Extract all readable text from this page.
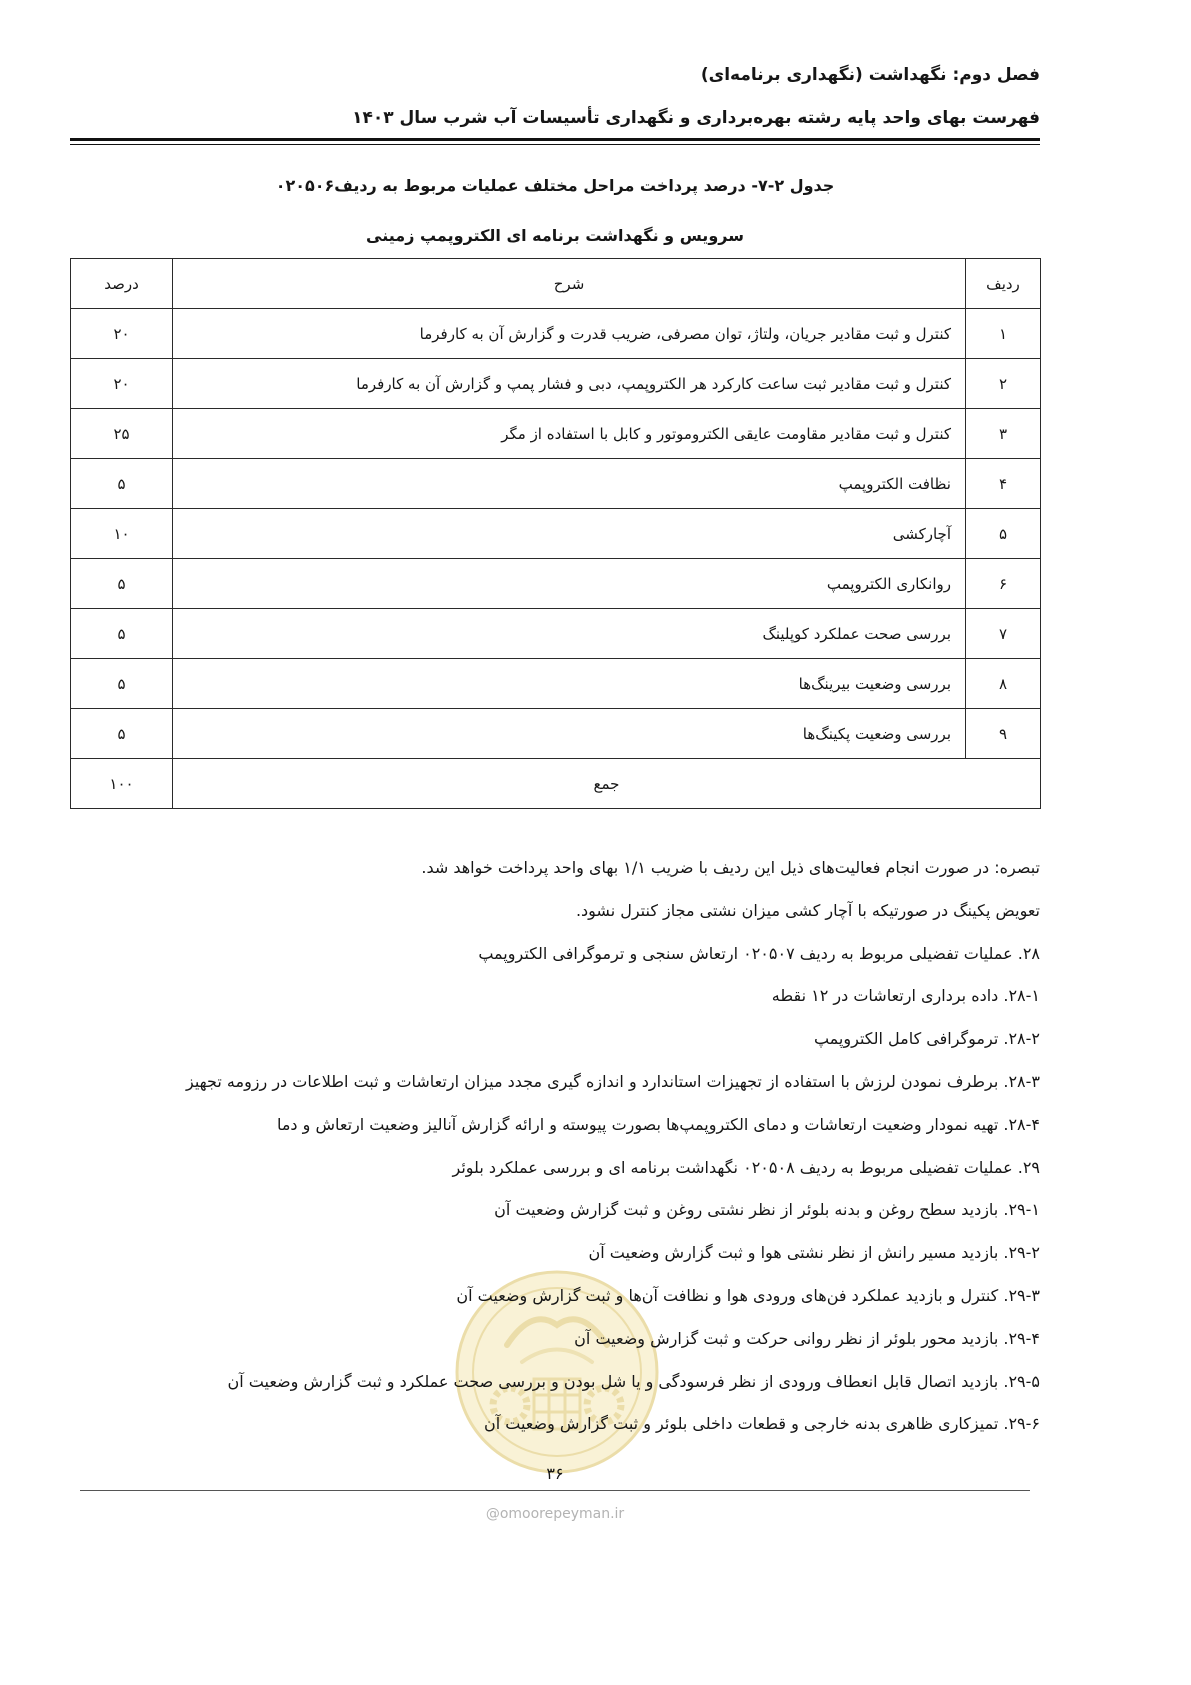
فصل دوم: نگهداشت (نگهداری برنامه‌ای)
فهرست بهای واحد پایه رشته بهره‌برداری و نگهداری تأسیسات آب شرب سال ۱۴۰۳
جدول ۲-۷- درصد پرداخت مراحل مختلف عملیات مربوط به ردیف۰۲۰۵۰۶
سرویس و نگهداشت برنامه ای الکتروپمپ زمینی
ردیف	شرح	درصد
۱	کنترل و ثبت مقادیر جریان، ولتاژ، توان مصرفی، ضریب قدرت و گزارش آن به کارفرما	۲۰
۲	کنترل و ثبت مقادیر ثبت ساعت کارکرد هر الکتروپمپ، دبی و فشار پمپ و گزارش آن به کارفرما	۲۰
۳	کنترل و ثبت مقادیر مقاومت عایقی الکتروموتور و کابل با استفاده از مگر	۲۵
۴	نظافت الکتروپمپ	۵
۵	آچارکشی	۱۰
۶	روانکاری الکتروپمپ	۵
۷	بررسی صحت عملکرد کوپلینگ	۵
۸	بررسی وضعیت بیرینگ‌ها	۵
۹	بررسی وضعیت پکینگ‌ها	۵
جمع		۱۰۰
تبصره: در صورت انجام فعالیت‌های ذیل این ردیف با ضریب ۱/۱ بهای واحد پرداخت خواهد شد.
تعویض پکینگ در صورتیکه با آچار کشی میزان نشتی مجاز کنترل نشود.
۲۸. عملیات تفضیلی مربوط به ردیف ۰۲۰۵۰۷ ارتعاش سنجی و ترموگرافی الکتروپمپ
۲۸-۱. داده برداری ارتعاشات در ۱۲ نقطه
۲۸-۲. ترموگرافی کامل الکتروپمپ
۲۸-۳. برطرف نمودن لرزش با استفاده از تجهیزات استاندارد و اندازه گیری مجدد میزان ارتعاشات و ثبت اطلاعات در رزومه تجهیز
۲۸-۴. تهیه نمودار وضعیت ارتعاشات و دمای الکتروپمپ‌ها بصورت پیوسته و ارائه گزارش آنالیز وضعیت ارتعاش و دما
۲۹. عملیات تفضیلی مربوط به ردیف ۰۲۰۵۰۸ نگهداشت برنامه ای و بررسی عملکرد بلوئر
۲۹-۱. بازدید سطح روغن و بدنه بلوئر از نظر نشتی روغن و ثبت گزارش وضعیت آن
۲۹-۲. بازدید مسیر رانش از نظر نشتی هوا و ثبت گزارش وضعیت آن
۲۹-۳. کنترل و بازدید عملکرد فن‌های ورودی هوا و نظافت آن‌ها و ثبت گزارش وضعیت آن
۲۹-۴. بازدید محور بلوئر از نظر روانی حرکت و ثبت گزارش وضعیت آن
۲۹-۵. بازدید اتصال قابل انعطاف ورودی از نظر فرسودگی و یا شل بودن و بررسی صحت عملکرد و ثبت گزارش وضعیت آن
۲۹-۶. تمیزکاری ظاهری بدنه خارجی و قطعات داخلی بلوئر و ثبت گزارش وضعیت آن
۳۶
@omoorepeyman.ir
